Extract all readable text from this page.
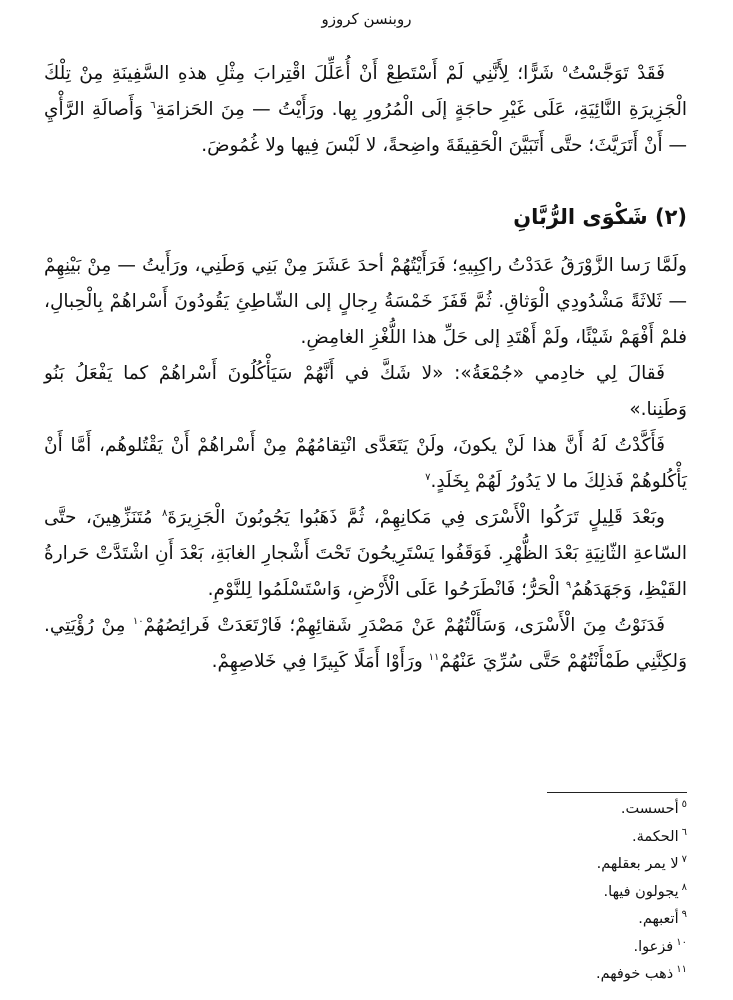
روبنسن كروزو
فَقَدْ تَوَجَّسْتُ$^٥$ شَرًّا؛ لِأَنَّنِي لَمْ أَسْتَطِعْ أَنْ أُعَلِّلَ اقْتِرابَ مِثْلِ هذهِ السَّفِينَةِ مِنْ تِلْكَ الْجَزِيرَةِ النَّائِيَةِ، عَلَى غَيْرِ حاجَةٍ إلَى الْمُرُورِ بِها. ورَأَيْتُ — مِنَ الحَزامَةِ$^٦$ وَأَصالَةِ الرَّأْيِ — أَنْ أَتَرَيَّثَ؛ حتَّى أَتَبَيَّنَ الْحَقِيقَةَ واضِحةً، لا لَبْسَ فِيها ولا غُمُوضَ.
(٢) شَكْوَى الرُّبَّانِ

ولَمَّا رَسا الزَّوْرَقُ عَدَدْتُ راكِبِيهِ؛ فَرَأَيْتُهُمْ أحدَ عَشَرَ مِنْ بَنِي وَطَنِي، ورَأَيتُ — مِنْ بَيْنِهِمْ — ثَلاثَةً مَشْدُودِي الْوَثاقِ. ثُمَّ قَفَزَ خَمْسَةُ رِجالٍ إلى الشّاطِئِ يَقُودُونَ أَسْراهُمْ بِالْحِبالِ، فلمْ أَفْهَمْ شَيْئًا، ولَمْ أَهْتَدِ إلى حَلِّ هذا اللُّغْزِ الغامِضِ.

فَقالَ لِي خادِمي «جُمْعَةُ»: «لا شَكَّ في أَنَّهُمْ سَيَأْكُلُونَ أَسْراهُمْ كما يَفْعَلُ بَنُو وَطَنِنا.»

فَأَكَّدْتُ لَهُ أَنَّ هذا لَنْ يكونَ، ولَنْ يَتَعَدَّى انْتِقامُهُمْ مِنْ أَسْراهُمْ أَنْ يَقْتُلوهُم، أَمَّا أَنْ يَأْكُلوهُمْ فَذلِكَ ما لا يَدُورُ لَهُمْ بِخَلَدٍ.$^٧$

وبَعْدَ قَلِيلٍ تَرَكُوا الْأَسْرَى فِي مَكانِهِمْ، ثُمَّ ذَهَبُوا يَجُوبُونَ الْجَزِيرَةَ$^٨$ مُتَنَزِّهِينَ، حتَّى السّاعةِ الثّانِيَةِ بَعْدَ الظُّهْرِ. فَوَقَفُوا يَسْتَرِيحُونَ تَحْتَ أَشْجارِ الغابَةِ، بَعْدَ أَنِ اشْتَدَّتْ حَرارةُ القَيْظِ، وَجَهَدَهُمُ$^٩$ الْحَرُّ؛ فَانْطَرَحُوا عَلَى الْأَرْضِ، وَاسْتَسْلَمُوا لِلنَّوْمِ.

فَدَنَوْتُ مِنَ الْأَسْرَى، وَسَأَلْتُهُمْ عَنْ مَصْدَرِ شَقائِهِمْ؛ فَارْتَعَدَتْ فَرائِصُهُمْ$^{١٠}$ مِنْ رُؤْيَتِي. وَلكِنَّنِي طَمْأَنْتُهُمْ حَتَّى سُرِّيَ عَنْهُمْ$^{١١}$ ورَأَوْا أَمَلًا كَبِيرًا فِي خَلاصِهِمْ.

$^٥$أحسست.
$^٦$الحكمة.
$^٧$لا يمر بعقلهم.
$^٨$يجولون فيها.
$^٩$أتعبهم.
$^{١٠}$فزعوا.
$^{١١}$ذهب خوفهم.
